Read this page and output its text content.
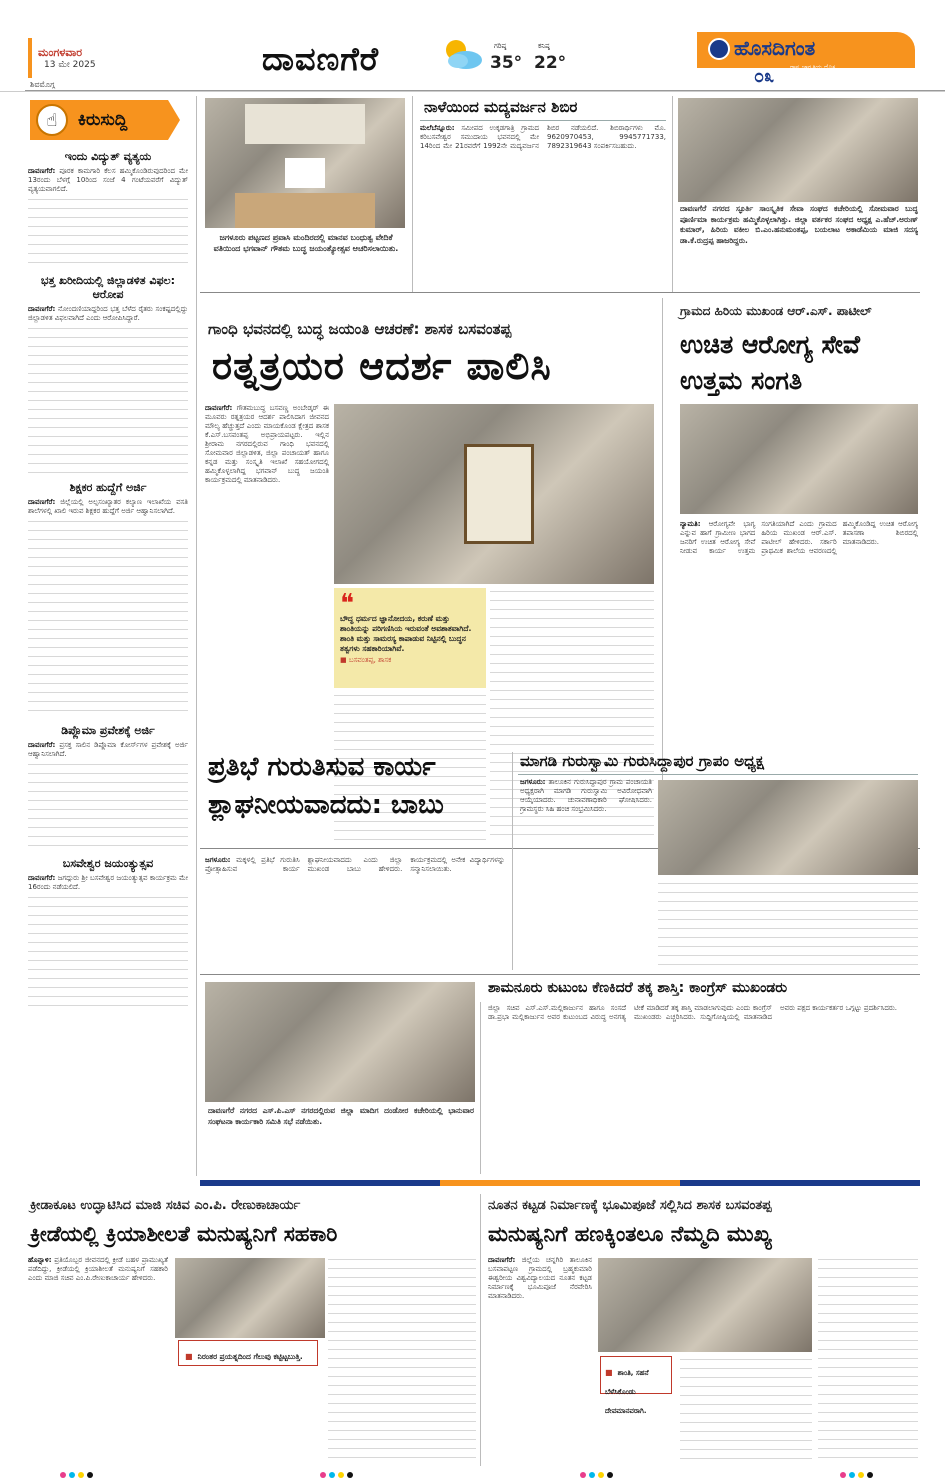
ಮಂಗಳವಾರ
13 ಮೇ 2025
ಶಿವಮೊಗ್ಗ
ದಾವಣಗೆರೆ	ಗರಿಷ್ಠ
35°
ಕನಿಷ್ಠ
22°
ಹೊಸದಿಗಂತ
ರಾಷ್ಟ್ರ ಜಾಗೃತಿಯ ದೈನಿಕ
೦೩
☝	ಕಿರುಸುದ್ದಿ
ಇಂದು ವಿದ್ಯುತ್ ವ್ಯತ್ಯಯ
ದಾವಣಗೆರೆ: ಪೂರಕ ಕಾಮಗಾರಿ ಕೆಲಸ ಹಮ್ಮಿಕೊಂಡಿರುವುದರಿಂದ ಮೇ 13ರಂದು ಬೆಳಗ್ಗೆ 10ರಿಂದ ಸಂಜೆ 4 ಗಂಟೆಯವರೆಗೆ ವಿದ್ಯುತ್ ವ್ಯತ್ಯಯವಾಗಲಿದೆ.
ಭತ್ತ ಖರೀದಿಯಲ್ಲಿ ಜಿಲ್ಲಾಡಳಿತ ವಿಫಲ: ಆರೋಪ
ದಾವಣಗೆರೆ: ನೋಂದಣಿಯಾದ್ದರಿಂದ ಭತ್ತ ಬೆಳೆದ ರೈತರು ಸಂಕಷ್ಟದಲ್ಲಿದ್ದು ಜಿಲ್ಲಾಡಳಿತ ವಿಫಲವಾಗಿದೆ ಎಂದು ಆರೋಪಿಸಿದ್ದಾರೆ.
ಶಿಕ್ಷಕರ ಹುದ್ದೆಗೆ ಅರ್ಜಿ
ದಾವಣಗೆರೆ: ಜಿಲ್ಲೆಯಲ್ಲಿ ಅಲ್ಪಸಂಖ್ಯಾತರ ಕಲ್ಯಾಣ ಇಲಾಖೆಯ ವಸತಿ ಶಾಲೆಗಳಲ್ಲಿ ಖಾಲಿ ಇರುವ ಶಿಕ್ಷಕರ ಹುದ್ದೆಗೆ ಅರ್ಜಿ ಆಹ್ವಾನಿಸಲಾಗಿದೆ.
ಡಿಪ್ಲೊಮಾ ಪ್ರವೇಶಕ್ಕೆ ಅರ್ಜಿ
ದಾವಣಗೆರೆ: ಪ್ರಸಕ್ತ ಸಾಲಿನ ಡಿಪ್ಲೊಮಾ ಕೋರ್ಸ್‌ಗಳ ಪ್ರವೇಶಕ್ಕೆ ಅರ್ಜಿ ಆಹ್ವಾನಿಸಲಾಗಿದೆ.
ಬಸವೇಶ್ವರ ಜಯಂತ್ಯುತ್ಸವ
ದಾವಣಗೆರೆ: ಜಗದ್ಗುರು ಶ್ರೀ ಬಸವೇಶ್ವರ ಜಯಂತ್ಯುತ್ಸವ ಕಾರ್ಯಕ್ರಮ ಮೇ 16ರಂದು ನಡೆಯಲಿದೆ.
ಜಗಳೂರು ಪಟ್ಟಣದ ಪ್ರವಾಸಿ ಮಂದಿರದಲ್ಲಿ ಮಾನವ ಬಂಧುತ್ವ ವೇದಿಕೆ ವತಿಯಿಂದ ಭಗವಾನ್ ಗೌತಮ ಬುದ್ಧ ಜಯಂತ್ಯೋತ್ಸವ ಆಚರಿಸಲಾಯಿತು.
ನಾಳೆಯಿಂದ ಮದ್ಯವರ್ಜನ ಶಿಬಿರ
ಮಲೆಬೆನ್ನೂರು: ಸಮೀಪದ ಉಕ್ಕಡಗಾತ್ರಿ ಗ್ರಾಮದ ಕರಿಬಸವೇಶ್ವರ ಸಮುದಾಯ ಭವನದಲ್ಲಿ ಮೇ 14ರಿಂದ ಮೇ 21ರವರೆಗೆ 1992ನೇ ಮದ್ಯವರ್ಜನ ಶಿಬಿರ ನಡೆಯಲಿದೆ. ಶಿಬಿರಾರ್ಥಿಗಳು ಮೊ. 9620970453, 9945771733, 7892319643 ಸಂಪರ್ಕಿಸಬಹುದು.
ದಾವಣಗೆರೆ ನಗರದ ಸ್ಫೂರ್ತಿ ಸಾಂಸ್ಕೃತಿಕ ಸೇವಾ ಸಂಘದ ಕಚೇರಿಯಲ್ಲಿ ಸೋಮವಾರ ಬುದ್ಧ ಪೂರ್ಣಿಮಾ ಕಾರ್ಯಕ್ರಮ ಹಮ್ಮಿಕೊಳ್ಳಲಾಗಿತ್ತು. ಜಿಲ್ಲಾ ವರ್ತಕರ ಸಂಘದ ಅಧ್ಯಕ್ಷ ಎ.ಹೆಚ್.ಅರುಣ್ ಕುಮಾರ್, ಹಿರಿಯ ವಕೀಲ ಬಿ.ಎಂ.ಹನುಮಂತಪ್ಪ, ಬಯಲಾಟ ಅಕಾಡೆಮಿಯ ಮಾಜಿ ಸದಸ್ಯ ಡಾ.ಕೆ.ರುದ್ರಪ್ಪ ಹಾಜರಿದ್ದರು.
ಗಾಂಧಿ ಭವನದಲ್ಲಿ ಬುದ್ಧ ಜಯಂತಿ ಆಚರಣೆ: ಶಾಸಕ ಬಸವಂತಪ್ಪ
ರತ್ನತ್ರಯರ ಆದರ್ಶ ಪಾಲಿಸಿ
ದಾವಣಗೆರೆ: ಗೌತಮಬುದ್ಧ ಬಸವಣ್ಣ ಅಂಬೇಡ್ಕರ್ ಈ ಮೂವರು ರತ್ನತ್ರಯರ ಆದರ್ಶ ಪಾಲಿಸಿದಾಗ ಜೀವನದ ಮೌಲ್ಯ ಹೆಚ್ಚುತ್ತದೆ ಎಂದು ಮಾಯಕೊಂಡ ಕ್ಷೇತ್ರದ ಶಾಸಕ ಕೆ.ಎಸ್.ಬಸವಂತಪ್ಪ ಅಭಿಪ್ರಾಯಪಟ್ಟರು. ಇಲ್ಲಿನ ಶ್ರೀರಾಮ ನಗರದಲ್ಲಿರುವ ಗಾಂಧಿ ಭವನದಲ್ಲಿ ಸೋಮವಾರ ಜಿಲ್ಲಾಡಳಿತ, ಜಿಲ್ಲಾ ಪಂಚಾಯತ್ ಹಾಗೂ ಕನ್ನಡ ಮತ್ತು ಸಂಸ್ಕೃತಿ ಇಲಾಖೆ ಸಹಯೋಗದಲ್ಲಿ ಹಮ್ಮಿಕೊಳ್ಳಲಾಗಿದ್ದ ಭಗವಾನ್ ಬುದ್ಧ ಜಯಂತಿ ಕಾರ್ಯಕ್ರಮದಲ್ಲಿ ಮಾತನಾಡಿದರು.
❝
ಬೌದ್ಧ ಧರ್ಮದ ಜ್ಞಾನೋದಯ, ಕರುಣೆ ಮತ್ತು ಶಾಂತಿಯನ್ನು ಪರಿಗಣಿಸಿಯ ಇರುವಂತೆ ಅವಶಾತವಾಗಿದೆ. ಶಾಂತಿ ಮತ್ತು ಸಾಮರಸ್ಯ ಕಾಪಾಡುವ ನಿಟ್ಟಿನಲ್ಲಿ ಬುದ್ಧನ ತತ್ವಗಳು ಸಹಕಾರಿಯಾಗಿವೆ.
■ ಬಸವಂತಪ್ಪ, ಶಾಸಕ
ಗ್ರಾಮದ ಹಿರಿಯ ಮುಖಂಡ ಆರ್.ಎಸ್. ಪಾಟೀಲ್
ಉಚಿತ ಆರೋಗ್ಯ ಸೇವೆ
ಉತ್ತಮ ಸಂಗತಿ
ನ್ಯಾಮತಿ: ಆರೋಗ್ಯವೇ ಭಾಗ್ಯ ಎನ್ನುವ ಹಾಗೆ ಗ್ರಾಮೀಣ ಭಾಗದ ಜನರಿಗೆ ಉಚಿತ ಆರೋಗ್ಯ ಸೇವೆ ನೀಡುವ ಕಾರ್ಯ ಉತ್ತಮ ಸಂಗತಿಯಾಗಿದೆ ಎಂದು ಗ್ರಾಮದ ಹಿರಿಯ ಮುಖಂಡ ಆರ್.ಎಸ್. ಪಾಟೀಲ್ ಹೇಳಿದರು. ಸರ್ಕಾರಿ ಪ್ರಾಥಮಿಕ ಶಾಲೆಯ ಆವರಣದಲ್ಲಿ ಹಮ್ಮಿಕೊಂಡಿದ್ದ ಉಚಿತ ಆರೋಗ್ಯ ತಪಾಸಣಾ ಶಿಬಿರದಲ್ಲಿ ಮಾತನಾಡಿದರು.
ಪ್ರತಿಭೆ ಗುರುತಿಸುವ ಕಾರ್ಯ
ಶ್ಲಾಘನೀಯವಾದದು: ಬಾಬು
ಜಗಳೂರು: ಮಕ್ಕಳಲ್ಲಿ ಪ್ರತಿಭೆ ಗುರುತಿಸಿ ಪ್ರೋತ್ಸಾಹಿಸುವ ಕಾರ್ಯ ಶ್ಲಾಘನೀಯವಾದದು ಎಂದು ಜಿಲ್ಲಾ ಮುಖಂಡ ಬಾಬು ಹೇಳಿದರು. ಕಾರ್ಯಕ್ರಮದಲ್ಲಿ ಅನೇಕ ವಿದ್ಯಾರ್ಥಿಗಳನ್ನು ಸನ್ಮಾನಿಸಲಾಯಿತು.
ಮಾಗಡಿ ಗುರುಸ್ವಾಮಿ ಗುರುಸಿದ್ದಾಪುರ ಗ್ರಾಪಂ ಅಧ್ಯಕ್ಷ
ಜಗಳೂರು: ತಾಲೂಕಿನ ಗುರುಸಿದ್ದಾಪುರ ಗ್ರಾಮ ಪಂಚಾಯತಿ ಅಧ್ಯಕ್ಷರಾಗಿ ಮಾಗಡಿ ಗುರುಸ್ವಾಮಿ ಅವಿರೋಧವಾಗಿ ಆಯ್ಕೆಯಾದರು. ಚುನಾವಣಾಧಿಕಾರಿ ಘೋಷಿಸಿದರು. ಗ್ರಾಮಸ್ಥರು ಸಿಹಿ ಹಂಚಿ ಸಂಭ್ರಮಿಸಿದರು.
ಶಾಮನೂರು ಕುಟುಂಬ ಕೆಣಕಿದರೆ ತಕ್ಕ ಶಾಸ್ತಿ: ಕಾಂಗ್ರೆಸ್ ಮುಖಂಡರು
ದಾವಣಗೆರೆ ನಗರದ ಎಸ್.ಪಿ.ಎಸ್ ನಗರದಲ್ಲಿರುವ ಜಿಲ್ಲಾ ಮಾದಿಗ ದಂಡೋರ ಕಚೇರಿಯಲ್ಲಿ ಭಾನುವಾರ ಸಂಘಟನಾ ಕಾರ್ಯಕಾರಿ ಸಮಿತಿ ಸಭೆ ನಡೆಯಿತು.
ಜಿಲ್ಲಾ ಸಚಿವ ಎಸ್.ಎಸ್.ಮಲ್ಲಿಕಾರ್ಜುನ ಹಾಗೂ ಸಂಸದೆ ಡಾ.ಪ್ರಭಾ ಮಲ್ಲಿಕಾರ್ಜುನ ಅವರ ಕುಟುಂಬದ ವಿರುದ್ಧ ಅನಗತ್ಯ ಟೀಕೆ ಮಾಡಿದರೆ ತಕ್ಕ ಶಾಸ್ತಿ ಮಾಡಲಾಗುವುದು ಎಂದು ಕಾಂಗ್ರೆಸ್ ಮುಖಂಡರು ಎಚ್ಚರಿಸಿದರು. ಸುದ್ದಿಗೋಷ್ಠಿಯಲ್ಲಿ ಮಾತನಾಡಿದ ಅವರು ಪಕ್ಷದ ಕಾರ್ಯಕರ್ತರ ಒಗ್ಗಟ್ಟು ಪ್ರದರ್ಶಿಸಿದರು.
ಕ್ರೀಡಾಕೂಟ ಉದ್ಘಾಟಿಸಿದ ಮಾಜಿ ಸಚಿವ ಎಂ.ಪಿ. ರೇಣುಕಾಚಾರ್ಯ
ಕ್ರೀಡೆಯಲ್ಲಿ ಕ್ರಿಯಾಶೀಲತೆ ಮನುಷ್ಯನಿಗೆ ಸಹಕಾರಿ
ಹೊನ್ನಾಳಿ: ಪ್ರತಿಯೊಬ್ಬರ ಜೀವನದಲ್ಲಿ ಕ್ರೀಡೆ ಬಹಳ ಪ್ರಾಮುಖ್ಯತೆ ಪಡೆದಿದ್ದು, ಕ್ರೀಡೆಯಲ್ಲಿ ಕ್ರಿಯಾಶೀಲತೆ ಮನುಷ್ಯನಿಗೆ ಸಹಕಾರಿ ಎಂದು ಮಾಜಿ ಸಚಿವ ಎಂ.ಪಿ.ರೇಣುಕಾಚಾರ್ಯ ಹೇಳಿದರು.
■ ನಿರಂತರ ಪ್ರಯತ್ನದಿಂದ ಗೆಲುವು ಕಟ್ಟಿಟ್ಟಬುತ್ತಿ.
ನೂತನ ಕಟ್ಟಡ ನಿರ್ಮಾಣಕ್ಕೆ ಭೂಮಿಪೂಜೆ ಸಲ್ಲಿಸಿದ ಶಾಸಕ ಬಸವಂತಪ್ಪ
ಮನುಷ್ಯನಿಗೆ ಹಣಕ್ಕಿಂತಲೂ ನೆಮ್ಮದಿ ಮುಖ್ಯ
ದಾವಣಗೆರೆ: ಜಿಲ್ಲೆಯ ಚನ್ನಗಿರಿ ತಾಲೂಕಿನ ಬಸವಾಪಟ್ಟಣ ಗ್ರಾಮದಲ್ಲಿ ಬ್ರಹ್ಮಕುಮಾರಿ ಈಶ್ವರೀಯ ವಿಶ್ವವಿದ್ಯಾಲಯದ ನೂತನ ಕಟ್ಟಡ ನಿರ್ಮಾಣಕ್ಕೆ ಭೂಮಿಪೂಜೆ ನೆರವೇರಿಸಿ ಮಾತನಾಡಿದರು.
■ ಶಾಂತಿ, ಸಹನೆ ಬೆಳೆಸಿಕೊಂಡು ದೇವಮಾನವರಾಗಿ.
